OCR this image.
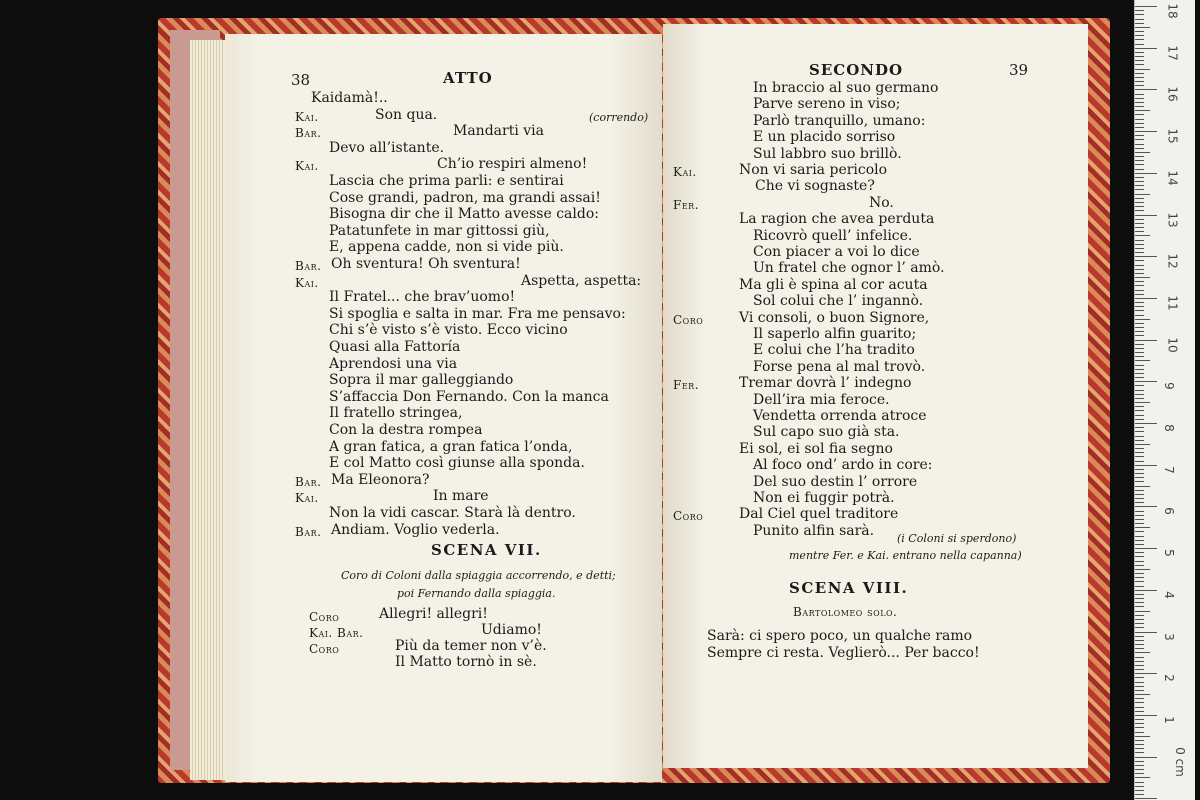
38	ATTO
Kaidamà!..
Kai.	Son qua.	(correndo)
Bar.	Mandarti via
Devo all’istante.
Kai.	Ch’io respiri almeno!
Lascia che prima parli: e sentirai
Cose grandi, padron, ma grandi assai!
Bisogna dir che il Matto avesse caldo:
Patatunfete in mar gittossi giù,
E, appena cadde, non si vide più.
Bar. Oh sventura! Oh sventura!
Kai.	Aspetta, aspetta:
Il Fratel... che brav’uomo!
Si spoglia e salta in mar. Fra me pensavo:
Chi s’è visto s’è visto. Ecco vicino
Quasi alla Fattoría
Aprendosi una via
Sopra il mar galleggiando
S’affaccia Don Fernando. Con la manca
Il fratello stringea,
Con la destra rompea
A gran fatica, a gran fatica l’onda,
E col Matto così giunse alla sponda.
Bar. Ma Eleonora?
Kai.	In mare
Non la vidi cascar. Starà là dentro.
Bar. Andiam. Voglio vederla.
SCENA VII.
Coro di Coloni dalla spiaggia accorrendo, e detti;
poi Fernando dalla spiaggia.
Coro	Allegri! allegri!
Kai. Bar.	Udiamo!
Coro	Più da temer non v’è.
Il Matto tornò in sè.
SECONDO	39
In braccio al suo germano
Parve sereno in viso;
Parlò tranquillo, umano:
E un placido sorriso
Sul labbro suo brillò.
Kai.	Non vi saria pericolo
Che vi sognaste?
Fer.	No.
La ragion che avea perduta
Ricovrò quell’ infelice.
Con piacer a voi lo dice
Un fratel che ognor l’ amò.
Ma gli è spina al cor acuta
Sol colui che l’ ingannò.
Coro	Vi consoli, o buon Signore,
Il saperlo alfin guarito;
E colui che l’ha tradito
Forse pena al mal trovò.
Fer.	Tremar dovrà l’ indegno
Dell’ira mia feroce.
Vendetta orrenda atroce
Sul capo suo già sta.
Ei sol, ei sol fia segno
Al foco ond’ ardo in core:
Del suo destin l’ orrore
Non ei fuggir potrà.
Coro	Dal Ciel quel traditore
Punito alfin sarà. (i Coloni si sperdono)
mentre Fer. e Kai. entrano nella capanna)
SCENA VIII.
Bartolomeo solo.
Sarà: ci spero poco, un qualche ramo
Sempre ci resta. Veglierò... Per bacco!
18
17
16
15
14
13
12
11
10
9
8
7
6
5
4
3
2
1
0 cm
